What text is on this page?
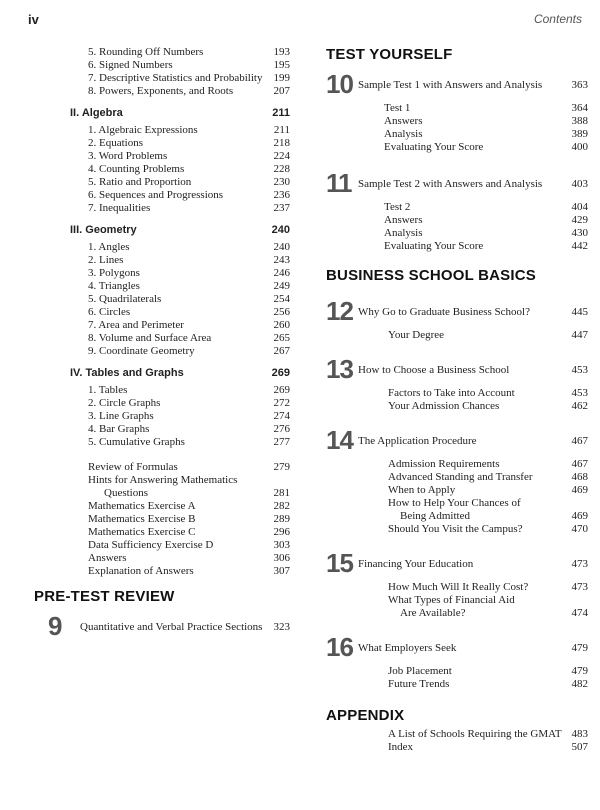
iv	Contents
5. Rounding Off Numbers	193
6. Signed Numbers	195
7. Descriptive Statistics and Probability 199
8. Powers, Exponents, and Roots	207
II. Algebra	211
1. Algebraic Expressions	211
2. Equations	218
3. Word Problems	224
4. Counting Problems	228
5. Ratio and Proportion	230
6. Sequences and Progressions	236
7. Inequalities	237
III. Geometry	240
1. Angles	240
2. Lines	243
3. Polygons	246
4. Triangles	249
5. Quadrilaterals	254
6. Circles	256
7. Area and Perimeter	260
8. Volume and Surface Area	265
9. Coordinate Geometry	267
IV. Tables and Graphs	269
1. Tables	269
2. Circle Graphs	272
3. Line Graphs	274
4. Bar Graphs	276
5. Cumulative Graphs	277
Review of Formulas	279
Hints for Answering Mathematics
Questions	281
Mathematics Exercise A	282
Mathematics Exercise B	289
Mathematics Exercise C	296
Data Sufficiency Exercise D	303
Answers	306
Explanation of Answers	307
PRE-TEST REVIEW
9	Quantitative and Verbal Practice Sections 323
TEST YOURSELF
10 Sample Test 1 with Answers and Analysis	363
Test 1	364
Answers	388
Analysis	389
Evaluating Your Score	400
11 Sample Test 2 with Answers and Analysis	403
Test 2	404
Answers	429
Analysis	430
Evaluating Your Score	442
BUSINESS SCHOOL BASICS
12 Why Go to Graduate Business School?	445
Your Degree	447
13 How to Choose a Business School	453
Factors to Take into Account	453
Your Admission Chances	462
14 The Application Procedure	467
Admission Requirements	467
Advanced Standing and Transfer	468
When to Apply	469
How to Help Your Chances of
Being Admitted	469
Should You Visit the Campus?	470
15 Financing Your Education	473
How Much Will It Really Cost?	473
What Types of Financial Aid
Are Available?	474
16 What Employers Seek	479
Job Placement	479
Future Trends	482
APPENDIX
A List of Schools Requiring the GMAT 483
Index	507
